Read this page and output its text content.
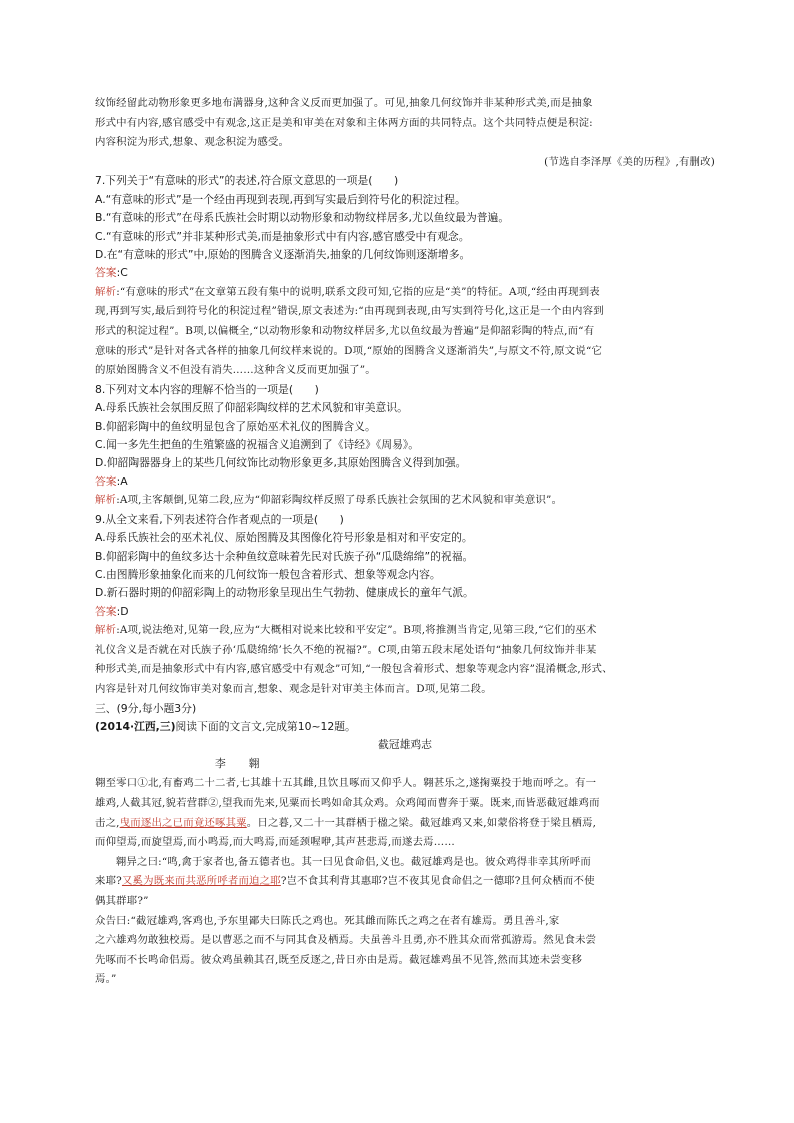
纹饰经留此动物形象更多地布满器身,这种含义反而更加强了。可见,抽象几何纹饰并非某种形式美,而是抽象

形式中有内容,感官感受中有观念,这正是美和审美在对象和主体两方面的共同特点。这个共同特点便是积淀:

内容积淀为形式,想象、观念积淀为感受。

(节选自李泽厚《美的历程》,有删改)

7.下列关于“有意味的形式”的表述,符合原文意思的一项是(　　)

A.“有意味的形式”是一个经由再现到表现,再到写实最后到符号化的积淀过程。

B.“有意味的形式”在母系氏族社会时期以动物形象和动物纹样居多,尤以鱼纹最为普遍。

C.“有意味的形式”并非某种形式美,而是抽象形式中有内容,感官感受中有观念。

D.在“有意味的形式”中,原始的图腾含义逐渐消失,抽象的几何纹饰则逐渐增多。

答案:C

解析:“有意味的形式”在文章第五段有集中的说明,联系文段可知,它指的应是“美”的特征。A项,“经由再现到表

现,再到写实,最后到符号化的积淀过程”错误,原文表述为:“由再现到表现,由写实到符号化,这正是一个由内容到

形式的积淀过程”。B项,以偏概全,“以动物形象和动物纹样居多,尤以鱼纹最为普遍”是仰韶彩陶的特点,而“有

意味的形式”是针对各式各样的抽象几何纹样来说的。D项,“原始的图腾含义逐渐消失”,与原文不符,原文说“它

的原始图腾含义不但没有消失……这种含义反而更加强了”。

8.下列对文本内容的理解不恰当的一项是(　　)

A.母系氏族社会氛围反照了仰韶彩陶纹样的艺术风貌和审美意识。

B.仰韶彩陶中的鱼纹明显包含了原始巫术礼仪的图腾含义。

C.闻一多先生把鱼的生殖繁盛的祝福含义追溯到了《诗经》《周易》。

D.仰韶陶器器身上的某些几何纹饰比动物形象更多,其原始图腾含义得到加强。

答案:A

解析:A项,主客颠倒,见第二段,应为“仰韶彩陶纹样反照了母系氏族社会氛围的艺术风貌和审美意识”。

9.从全文来看,下列表述符合作者观点的一项是(　　)

A.母系氏族社会的巫术礼仪、原始图腾及其图像化符号形象是相对和平安定的。

B.仰韶彩陶中的鱼纹多达十余种鱼纹意味着先民对氏族子孙“瓜瓞绵绵”的祝福。

C.由图腾形象抽象化而来的几何纹饰一般包含着形式、想象等观念内容。

D.新石器时期的仰韶彩陶上的动物形象呈现出生气勃勃、健康成长的童年气派。

答案:D

解析:A项,说法绝对,见第一段,应为“大概相对说来比较和平安定”。B项,将推测当肯定,见第三段,“它们的巫术

礼仪含义是否就在对氏族子孙‘瓜瓞绵绵’长久不绝的祝福?”。C项,由第五段末尾处语句“抽象几何纹饰并非某

种形式美,而是抽象形式中有内容,感官感受中有观念”可知,“一般包含着形式、想象等观念内容”混淆概念,形式、

内容是针对几何纹饰审美对象而言,想象、观念是针对审美主体而言。D项,见第二段。

三、(9分,每小题3分)

(2014·江西,三)阅读下面的文言文,完成第10~12题。

截冠雄鸡志

李　翱

翱至零口①北,有畜鸡二十二者,七其雄十五其雌,且饮且啄而又仰乎人。翱甚乐之,遂掬粟投于地而呼之。有一

雄鸡,人截其冠,貌若营群②,望我而先来,见粟而长鸣如命其众鸡。众鸡闻而曹奔于粟。既来,而皆恶截冠雄鸡而

击之,曳而逐出之已而竟还啄其粟。日之暮,又二十一其群栖于楹之梁。截冠雄鸡又来,如蒙俗将登于梁且栖焉,

而仰望焉,而旋望焉,而小鸣焉,而大鸣焉,而延颈喔咿,其声甚悲焉,而遂去焉……

翱异之曰:“鸣,禽于家者也,备五德者也。其一曰见食命侣,义也。截冠雄鸡是也。彼众鸡得非幸其所呼而

来耶?又奚为既来而共恶所呼者而迫之耶?岂不食其利背其惠耶?岂不夜其见食命侣之一德耶?且何众栖而不使

偶其群耶?”

众告曰:“截冠雄鸡,客鸡也,予东里鄙夫曰陈氏之鸡也。死其雌而陈氏之鸡之在者有雄焉。勇且善斗,家

之六雄鸡勿敢独校焉。是以曹恶之而不与同其食及栖焉。夫虽善斗且勇,亦不胜其众而常孤游焉。然见食未尝

先啄而不长鸣命侣焉。彼众鸡虽赖其召,既至反逐之,昔日亦由是焉。截冠雄鸡虽不见答,然而其迹未尝变移

焉。”
